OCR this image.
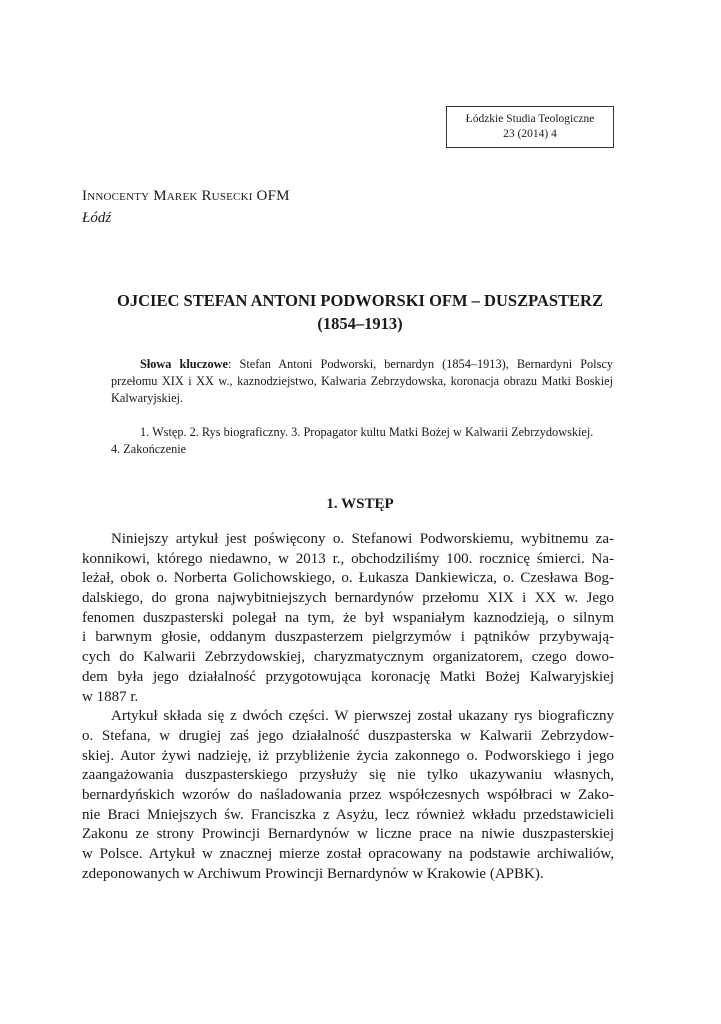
Łódzkie Studia Teologiczne
23 (2014) 4
Innocenty Marek Rusecki OFM
Łódź
OJCIEC STEFAN ANTONI PODWORSKI OFM – DUSZPASTERZ
(1854–1913)
Słowa kluczowe: Stefan Antoni Podworski, bernardyn (1854–1913), Bernardyni Polscy przełomu XIX i XX w., kaznodziejstwo, Kalwaria Zebrzydowska, koronacja obrazu Matki Boskiej Kalwaryjskiej.
1. Wstęp. 2. Rys biograficzny. 3. Propagator kultu Matki Bożej w Kalwarii Zebrzydowskiej.
4. Zakończenie
1. WSTĘP
Niniejszy artykuł jest poświęcony o. Stefanowi Podworskiemu, wybitnemu za-
konnikowi, którego niedawno, w 2013 r., obchodziliśmy 100. rocznicę śmierci. Na-
leżał, obok o. Norberta Golichowskiego, o. Łukasza Dankiewicza, o. Czesława Bog-
dalskiego, do grona najwybitniejszych bernardynów przełomu XIX i XX w. Jego
fenomen duszpasterski polegał na tym, że był wspaniałym kaznodzieją, o silnym
i barwnym głosie, oddanym duszpasterzem pielgrzymów i pątników przybywają-
cych do Kalwarii Zebrzydowskiej, charyzmatycznym organizatorem, czego dowo-
dem była jego działalność przygotowująca koronację Matki Bożej Kalwaryjskiej
w 1887 r.
Artykuł składa się z dwóch części. W pierwszej został ukazany rys biograficzny
o. Stefana, w drugiej zaś jego działalność duszpasterska w Kalwarii Zebrzydow-
skiej. Autor żywi nadzieję, iż przybliżenie życia zakonnego o. Podworskiego i jego
zaangażowania duszpasterskiego przysłuży się nie tylko ukazywaniu własnych,
bernardyńskich wzorów do naśladowania przez współczesnych współbraci w Zako-
nie Braci Mniejszych św. Franciszka z Asyżu, lecz również wkładu przedstawicieli
Zakonu ze strony Prowincji Bernardynów w liczne prace na niwie duszpasterskiej
w Polsce. Artykuł w znacznej mierze został opracowany na podstawie archiwaliów,
zdeponowanych w Archiwum Prowincji Bernardynów w Krakowie (APBK).
